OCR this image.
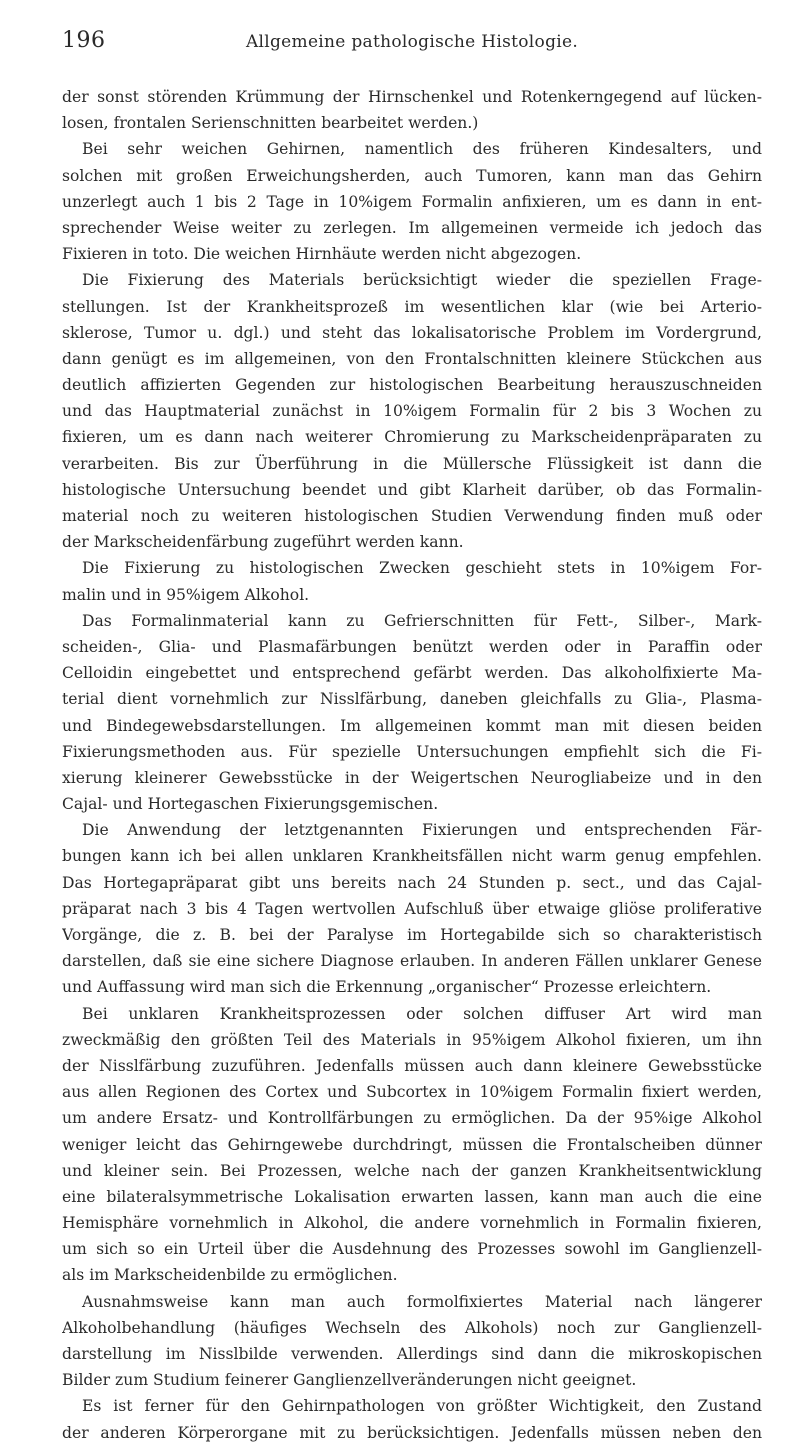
196	Allgemeine pathologische Histologie.
der sonst störenden Krümmung der Hirnschenkel und Rotenkerngegend auf lücken-
losen, frontalen Serienschnitten bearbeitet werden.)
Bei sehr weichen Gehirnen, namentlich des früheren Kindesalters, und
solchen mit großen Erweichungsherden, auch Tumoren, kann man das Gehirn
unzerlegt auch 1 bis 2 Tage in 10%igem Formalin anfixieren, um es dann in ent-
sprechender Weise weiter zu zerlegen. Im allgemeinen vermeide ich jedoch das
Fixieren in toto. Die weichen Hirnhäute werden nicht abgezogen.
Die Fixierung des Materials berücksichtigt wieder die speziellen Frage-
stellungen. Ist der Krankheitsprozeß im wesentlichen klar (wie bei Arterio-
sklerose, Tumor u. dgl.) und steht das lokalisatorische Problem im Vordergrund,
dann genügt es im allgemeinen, von den Frontalschnitten kleinere Stückchen aus
deutlich affizierten Gegenden zur histologischen Bearbeitung herauszuschneiden
und das Hauptmaterial zunächst in 10%igem Formalin für 2 bis 3 Wochen zu
fixieren, um es dann nach weiterer Chromierung zu Markscheidenpräparaten zu
verarbeiten. Bis zur Überführung in die Müllersche Flüssigkeit ist dann die
histologische Untersuchung beendet und gibt Klarheit darüber, ob das Formalin-
material noch zu weiteren histologischen Studien Verwendung finden muß oder
der Markscheidenfärbung zugeführt werden kann.
Die Fixierung zu histologischen Zwecken geschieht stets in 10%igem For-
malin und in 95%igem Alkohol.
Das Formalinmaterial kann zu Gefrierschnitten für Fett-, Silber-, Mark-
scheiden-, Glia- und Plasmafärbungen benützt werden oder in Paraffin oder
Celloidin eingebettet und entsprechend gefärbt werden. Das alkoholfixierte Ma-
terial dient vornehmlich zur Nisslfärbung, daneben gleichfalls zu Glia-, Plasma-
und Bindegewebsdarstellungen. Im allgemeinen kommt man mit diesen beiden
Fixierungsmethoden aus. Für spezielle Untersuchungen empfiehlt sich die Fi-
xierung kleinerer Gewebsstücke in der Weigertschen Neurogliabeize und in den
Cajal- und Hortegaschen Fixierungsgemischen.
Die Anwendung der letztgenannten Fixierungen und entsprechenden Fär-
bungen kann ich bei allen unklaren Krankheitsfällen nicht warm genug empfehlen.
Das Hortegapräparat gibt uns bereits nach 24 Stunden p. sect., und das Cajal-
präparat nach 3 bis 4 Tagen wertvollen Aufschluß über etwaige gliöse proliferative
Vorgänge, die z. B. bei der Paralyse im Hortegabilde sich so charakteristisch
darstellen, daß sie eine sichere Diagnose erlauben. In anderen Fällen unklarer Genese
und Auffassung wird man sich die Erkennung „organischer“ Prozesse erleichtern.
Bei unklaren Krankheitsprozessen oder solchen diffuser Art wird man
zweckmäßig den größten Teil des Materials in 95%igem Alkohol fixieren, um ihn
der Nisslfärbung zuzuführen. Jedenfalls müssen auch dann kleinere Gewebsstücke
aus allen Regionen des Cortex und Subcortex in 10%igem Formalin fixiert werden,
um andere Ersatz- und Kontrollfärbungen zu ermöglichen. Da der 95%ige Alkohol
weniger leicht das Gehirngewebe durchdringt, müssen die Frontalscheiben dünner
und kleiner sein. Bei Prozessen, welche nach der ganzen Krankheitsentwicklung
eine bilateralsymmetrische Lokalisation erwarten lassen, kann man auch die eine
Hemisphäre vornehmlich in Alkohol, die andere vornehmlich in Formalin fixieren,
um sich so ein Urteil über die Ausdehnung des Prozesses sowohl im Ganglienzell-
als im Markscheidenbilde zu ermöglichen.
Ausnahmsweise kann man auch formolfixiertes Material nach längerer
Alkoholbehandlung (häufiges Wechseln des Alkohols) noch zur Ganglienzell-
darstellung im Nisslbilde verwenden. Allerdings sind dann die mikroskopischen
Bilder zum Studium feinerer Ganglienzellveränderungen nicht geeignet.
Es ist ferner für den Gehirnpathologen von größter Wichtigkeit, den Zustand
der anderen Körperorgane mit zu berücksichtigen. Jedenfalls müssen neben den
